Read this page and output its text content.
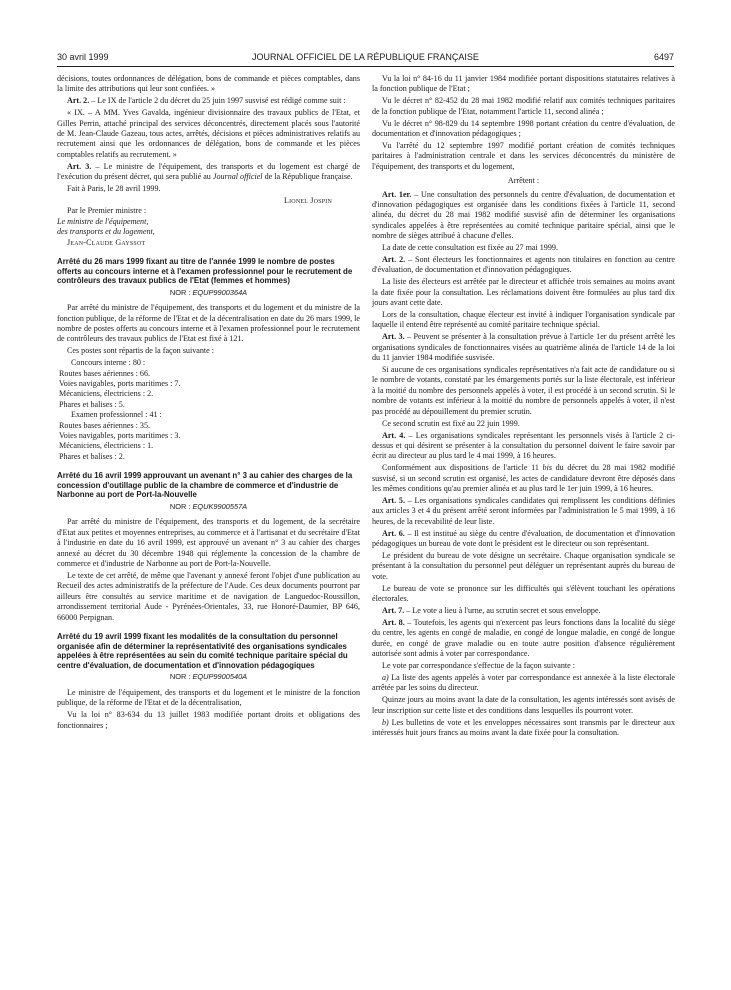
30 avril 1999	JOURNAL OFFICIEL DE LA RÉPUBLIQUE FRANÇAISE	6497

décisions, toutes ordonnances de délégation, bons de commande et pièces comptables, dans la limite des attributions qui leur sont confiées. »

Art. 2. – Le IX de l'article 2 du décret du 25 juin 1997 susvisé est rédigé comme suit :

« IX. – A MM. Yves Gavalda, ingénieur divisionnaire des travaux publics de l'Etat, et Gilles Perrin, attaché principal des services déconcentrés, directement placés sous l'autorité de M. Jean-Claude Gazeau, tous actes, arrêtés, décisions et pièces administratives relatifs au recrutement ainsi que les ordonnances de délégation, bons de commande et les pièces comptables relatifs au recrutement. »

Art. 3. – Le ministre de l'équipement, des transports et du logement est chargé de l'exécution du présent décret, qui sera publié au Journal officiel de la République française.

Fait à Paris, le 28 avril 1999.

Lionel Jospin

Par le Premier ministre :

Le ministre de l'équipement,

des transports et du logement,

Jean-Claude Gayssot

Arrêté du 26 mars 1999 fixant au titre de l'année 1999 le nombre de postes offerts au concours interne et à l'examen professionnel pour le recrutement de contrôleurs des travaux publics de l'Etat (femmes et hommes)

NOR : EQUP9900364A

Par arrêté du ministre de l'équipement, des transports et du logement et du ministre de la fonction publique, de la réforme de l'Etat et de la décentralisation en date du 26 mars 1999, le nombre de postes offerts au concours interne et à l'examen professionnel pour le recrutement de contrôleurs des travaux publics de l'Etat est fixé à 121.

Ces postes sont répartis de la façon suivante :

Concours interne : 80 :

Routes bases aériennes : 66.

Voies navigables, ports maritimes : 7.

Mécaniciens, électriciens : 2.

Phares et balises : 5.

Examen professionnel : 41 :

Routes bases aériennes : 35.

Voies navigables, ports maritimes : 3.

Mécaniciens, électriciens : 1.

Phares et balises : 2.

Arrêté du 16 avril 1999 approuvant un avenant n° 3 au cahier des charges de la concession d'outillage public de la chambre de commerce et d'industrie de Narbonne au port de Port-la-Nouvelle

NOR : EQUK9900557A

Par arrêté du ministre de l'équipement, des transports et du logement, de la secrétaire d'Etat aux petites et moyennes entreprises, au commerce et à l'artisanat et du secrétaire d'Etat à l'industrie en date du 16 avril 1999, est approuvé un avenant n° 3 au cahier des charges annexé au décret du 30 décembre 1948 qui réglemente la concession de la chambre de commerce et d'industrie de Narbonne au port de Port-la-Nouvelle.

Le texte de cet arrêté, de même que l'avenant y annexé feront l'objet d'une publication au Recueil des actes administratifs de la préfecture de l'Aude. Ces deux documents pourront par ailleurs être consultés au service maritime et de navigation de Languedoc-Roussillon, arrondissement territorial Aude - Pyrénées-Orientales, 33, rue Honoré-Daumier, BP 646, 66000 Perpignan.

Arrêté du 19 avril 1999 fixant les modalités de la consultation du personnel organisée afin de déterminer la représentativité des organisations syndicales appelées à être représentées au sein du comité technique paritaire spécial du centre d'évaluation, de documentation et d'innovation pédagogiques

NOR : EQUP9900540A

Le ministre de l'équipement, des transports et du logement et le ministre de la fonction publique, de la réforme de l'Etat et de la décentralisation,

Vu la loi n° 83-634 du 13 juillet 1983 modifiée portant droits et obligations des fonctionnaires ;

Vu la loi n° 84-16 du 11 janvier 1984 modifiée portant dispositions statutaires relatives à la fonction publique de l'Etat ;

Vu le décret n° 82-452 du 28 mai 1982 modifié relatif aux comités techniques paritaires de la fonction publique de l'Etat, notamment l'article 11, second alinéa ;

Vu le décret n° 98-829 du 14 septembre 1998 portant création du centre d'évaluation, de documentation et d'innovation pédagogiques ;

Vu l'arrêté du 12 septembre 1997 modifié portant création de comités techniques paritaires à l'administration centrale et dans les services déconcentrés du ministère de l'équipement, des transports et du logement,

Arrêtent :

Art. 1er. – Une consultation des personnels du centre d'évaluation, de documentation et d'innovation pédagogiques est organisée dans les conditions fixées à l'article 11, second alinéa, du décret du 28 mai 1982 modifié susvisé afin de déterminer les organisations syndicales appelées à être représentées au comité technique paritaire spécial, ainsi que le nombre de sièges attribué à chacune d'elles.

La date de cette consultation est fixée au 27 mai 1999.

Art. 2. – Sont électeurs les fonctionnaires et agents non titulaires en fonction au centre d'évaluation, de documentation et d'innovation pédagogiques.

La liste des électeurs est arrêtée par le directeur et affichée trois semaines au moins avant la date fixée pour la consultation. Les réclamations doivent être formulées au plus tard dix jours avant cette date.

Lors de la consultation, chaque électeur est invité à indiquer l'organisation syndicale par laquelle il entend être représenté au comité paritaire technique spécial.

Art. 3. – Peuvent se présenter à la consultation prévue à l'article 1er du présent arrêté les organisations syndicales de fonctionnaires visées au quatrième alinéa de l'article 14 de la loi du 11 janvier 1984 modifiée susvisée.

Si aucune de ces organisations syndicales représentatives n'a fait acte de candidature ou si le nombre de votants, constaté par les émargements portés sur la liste électorale, est inférieur à la moitié du nombre des personnels appelés à voter, il est procédé à un second scrutin. Si le nombre de votants est inférieur à la moitié du nombre de personnels appelés à voter, il n'est pas procédé au dépouillement du premier scrutin.

Ce second scrutin est fixé au 22 juin 1999.

Art. 4. – Les organisations syndicales représentant les personnels visés à l'article 2 ci-dessus et qui désirent se présenter à la consultation du personnel doivent le faire savoir par écrit au directeur au plus tard le 4 mai 1999, à 16 heures.

Conformément aux dispositions de l'article 11 bis du décret du 28 mai 1982 modifié susvisé, si un second scrutin est organisé, les actes de candidature devront être déposés dans les mêmes conditions qu'au premier alinéa et au plus tard le 1er juin 1999, à 16 heures.

Art. 5. – Les organisations syndicales candidates qui remplissent les conditions définies aux articles 3 et 4 du présent arrêté seront informées par l'administration le 5 mai 1999, à 16 heures, de la recevabilité de leur liste.

Art. 6. – Il est institué au siège du centre d'évaluation, de documentation et d'innovation pédagogiques un bureau de vote dont le président est le directeur ou son représentant.

Le président du bureau de vote désigne un secrétaire. Chaque organisation syndicale se présentant à la consultation du personnel peut déléguer un représentant auprès du bureau de vote.

Le bureau de vote se prononce sur les difficultés qui s'élèvent touchant les opérations électorales.

Art. 7. – Le vote a lieu à l'urne, au scrutin secret et sous enveloppe.

Art. 8. – Toutefois, les agents qui n'exercent pas leurs fonctions dans la localité du siège du centre, les agents en congé de maladie, en congé de longue maladie, en congé de longue durée, en congé de grave maladie ou en toute autre position d'absence régulièrement autorisée sont admis à voter par correspondance.

Le vote par correspondance s'effectue de la façon suivante :

a) La liste des agents appelés à voter par correspondance est annexée à la liste électorale arrêtée par les soins du directeur.

Quinze jours au moins avant la date de la consultation, les agents intéressés sont avisés de leur inscription sur cette liste et des conditions dans lesquelles ils pourront voter.

b) Les bulletins de vote et les enveloppes nécessaires sont transmis par le directeur aux intéressés huit jours francs au moins avant la date fixée pour la consultation.
